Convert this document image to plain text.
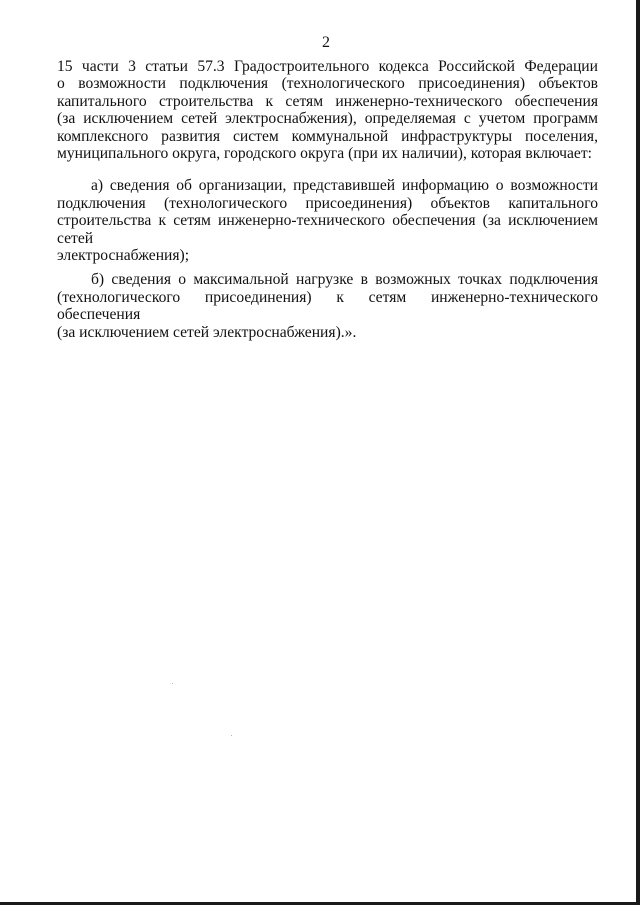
2

15 части 3 статьи 57.3 Градостроительного кодекса Российской Федерации
о возможности подключения (технологического присоединения) объектов
капитального строительства к сетям инженерно-технического обеспечения
(за исключением сетей электроснабжения), определяемая с учетом программ
комплексного развития систем коммунальной инфраструктуры поселения,
муниципального округа, городского округа (при их наличии), которая включает:

а) сведения об организации, представившей информацию о возможности
подключения (технологического присоединения) объектов капитального
строительства к сетям инженерно-технического обеспечения (за исключением сетей
электроснабжения);

б) сведения о максимальной нагрузке в возможных точках подключения
(технологического присоединения) к сетям инженерно-технического обеспечения
(за исключением сетей электроснабжения).».
